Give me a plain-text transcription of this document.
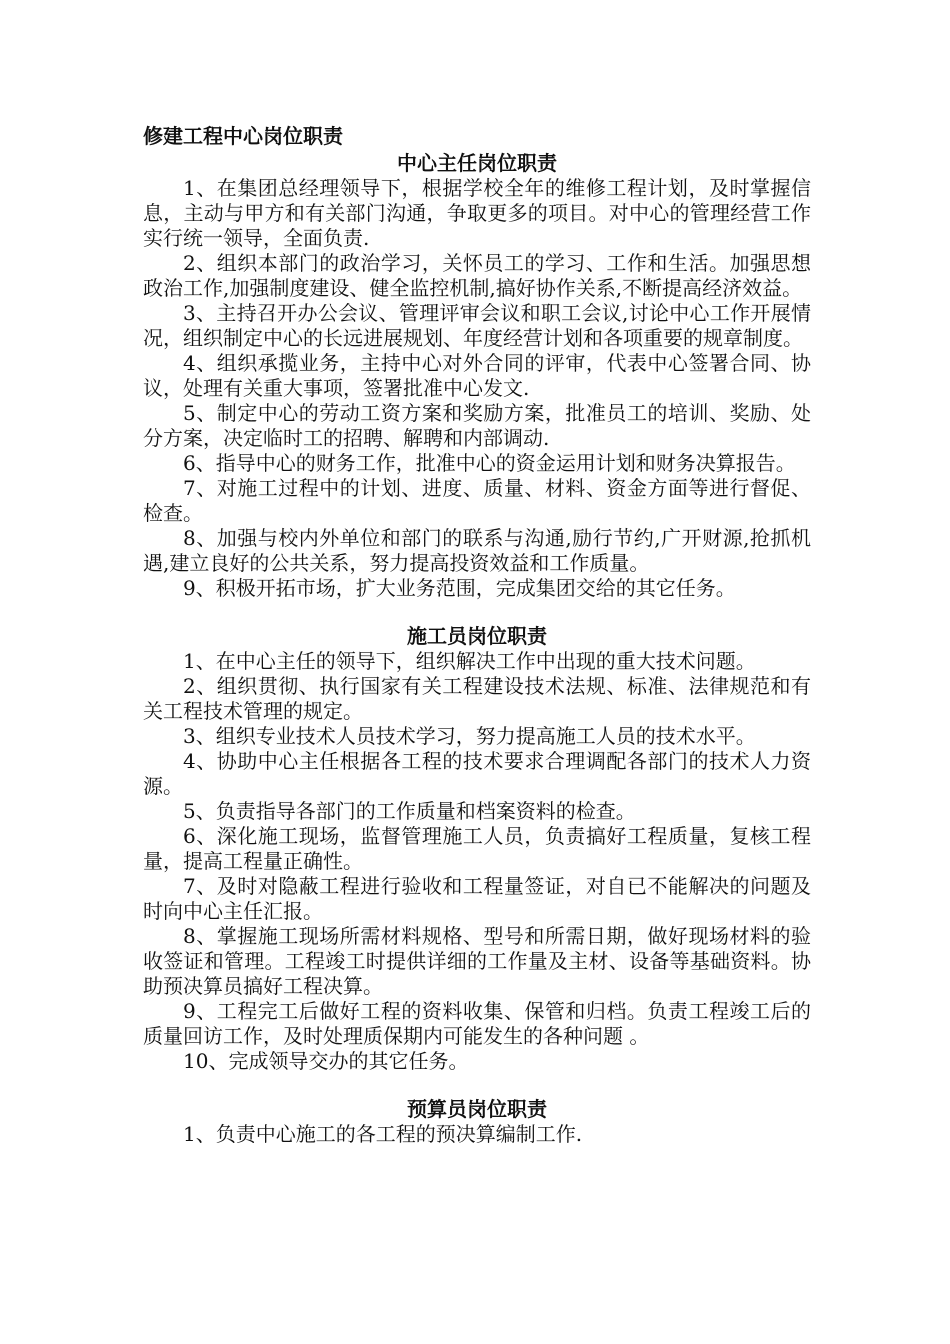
修建工程中心岗位职责
中心主任岗位职责

1、在集团总经理领导下，根据学校全年的维修工程计划，及时掌握信息，主动与甲方和有关部门沟通，争取更多的项目。对中心的管理经营工作实行统一领导，全面负责.

2、组织本部门的政治学习，关怀员工的学习、工作和生活。加强思想政治工作,加强制度建设、健全监控机制,搞好协作关系,不断提高经济效益。

3、主持召开办公会议、管理评审会议和职工会议,讨论中心工作开展情况，组织制定中心的长远进展规划、年度经营计划和各项重要的规章制度。

4、组织承揽业务，主持中心对外合同的评审，代表中心签署合同、协议，处理有关重大事项，签署批准中心发文.

5、制定中心的劳动工资方案和奖励方案，批准员工的培训、奖励、处分方案，决定临时工的招聘、解聘和内部调动.

6、指导中心的财务工作，批准中心的资金运用计划和财务决算报告。

7、对施工过程中的计划、进度、质量、材料、资金方面等进行督促、检查。

8、加强与校内外单位和部门的联系与沟通,励行节约,广开财源,抢抓机遇,建立良好的公共关系，努力提高投资效益和工作质量。

9、积极开拓市场，扩大业务范围，完成集团交给的其它任务。

施工员岗位职责

1、在中心主任的领导下，组织解决工作中出现的重大技术问题。

2、组织贯彻、执行国家有关工程建设技术法规、标准、法律规范和有关工程技术管理的规定。

3、组织专业技术人员技术学习，努力提高施工人员的技术水平。

4、协助中心主任根据各工程的技术要求合理调配各部门的技术人力资源。

5、负责指导各部门的工作质量和档案资料的检查。

6、深化施工现场，监督管理施工人员，负责搞好工程质量，复核工程量，提高工程量正确性。

7、及时对隐蔽工程进行验收和工程量签证，对自已不能解决的问题及时向中心主任汇报。

8、掌握施工现场所需材料规格、型号和所需日期，做好现场材料的验收签证和管理。工程竣工时提供详细的工作量及主材、设备等基础资料。协助预决算员搞好工程决算。

9、工程完工后做好工程的资料收集、保管和归档。负责工程竣工后的质量回访工作，及时处理质保期内可能发生的各种问题 。

10、完成领导交办的其它任务。

预算员岗位职责

1、负责中心施工的各工程的预决算编制工作.
